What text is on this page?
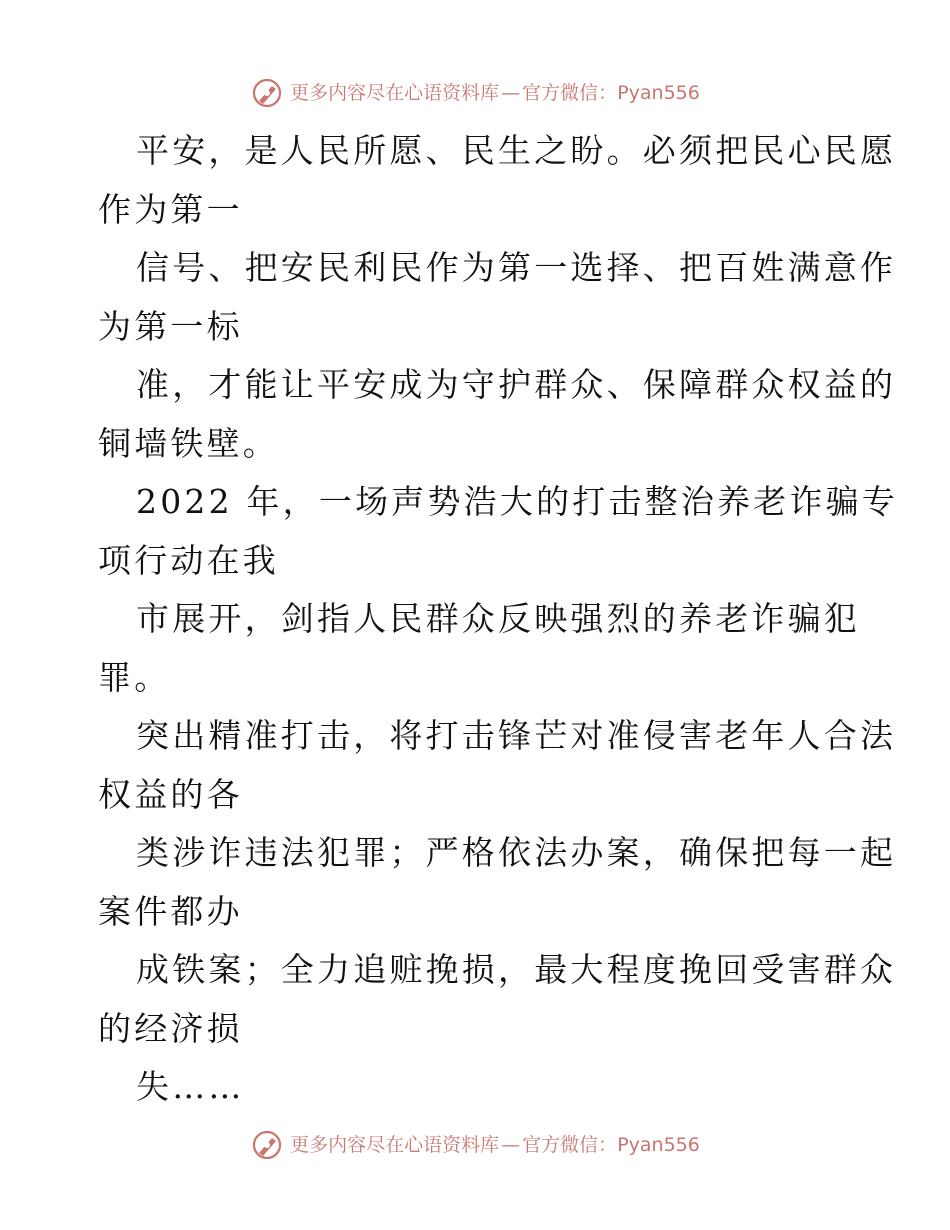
更多内容尽在心语资料库 — 官方微信： Pyan556
平安，是人民所愿、民生之盼。必须把民心民愿
作为第一
信号、把安民利民作为第一选择、把百姓满意作
为第一标
准，才能让平安成为守护群众、保障群众权益的
铜墙铁壁。
2022 年，一场声势浩大的打击整治养老诈骗专
项行动在我
市展开，剑指人民群众反映强烈的养老诈骗犯
罪。
突出精准打击，将打击锋芒对准侵害老年人合法
权益的各
类涉诈违法犯罪；严格依法办案，确保把每一起
案件都办
成铁案；全力追赃挽损，最大程度挽回受害群众
的经济损
失……
更多内容尽在心语资料库 — 官方微信： Pyan556
